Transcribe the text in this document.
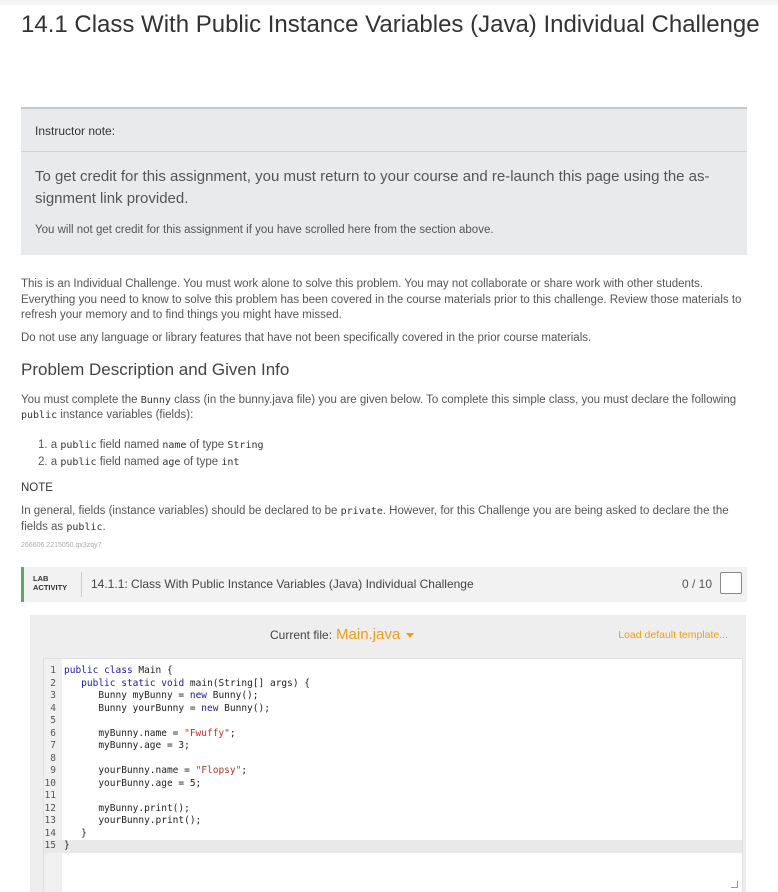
14.1 Class With Public Instance Variables (Java) Individual Challenge
Instructor note:
To get credit for this assignment, you must return to your course and re-launch this page using the as-signment link provided.
You will not get credit for this assignment if you have scrolled here from the section above.

This is an Individual Challenge. You must work alone to solve this problem. You may not collaborate or share work with other students. Everything you need to know to solve this problem has been covered in the course materials prior to this challenge. Review those materials to refresh your memory and to find things you might have missed.

Do not use any language or library features that have not been specifically covered in the prior course materials.

Problem Description and Given Info

You must complete the Bunny class (in the bunny.java file) you are given below. To complete this simple class, you must declare the following public instance variables (fields):

1. a public field named name of type String
2. a public field named age of type int
NOTE

In general, fields (instance variables) should be declared to be private. However, for this Challenge you are being asked to declare the the fields as public.

266606.2215050.qx3zqy7
LAB
ACTIVITY 14.1.1: Class With Public Instance Variables (Java) Individual Challenge	0 / 10
Current file: Main.java	Load default template...
1 public class Main {
2	public static void main(String[] args) {
3 Bunny myBunny = new Bunny();
4 Bunny yourBunny = new Bunny();
5
6 myBunny.name = "Fwuffy";
7 myBunny.age = 3;
8
9 yourBunny.name = "Flopsy";
10 yourBunny.age = 5;
11
12 myBunny.print();
13 yourBunny.print();
14 }
15 }
